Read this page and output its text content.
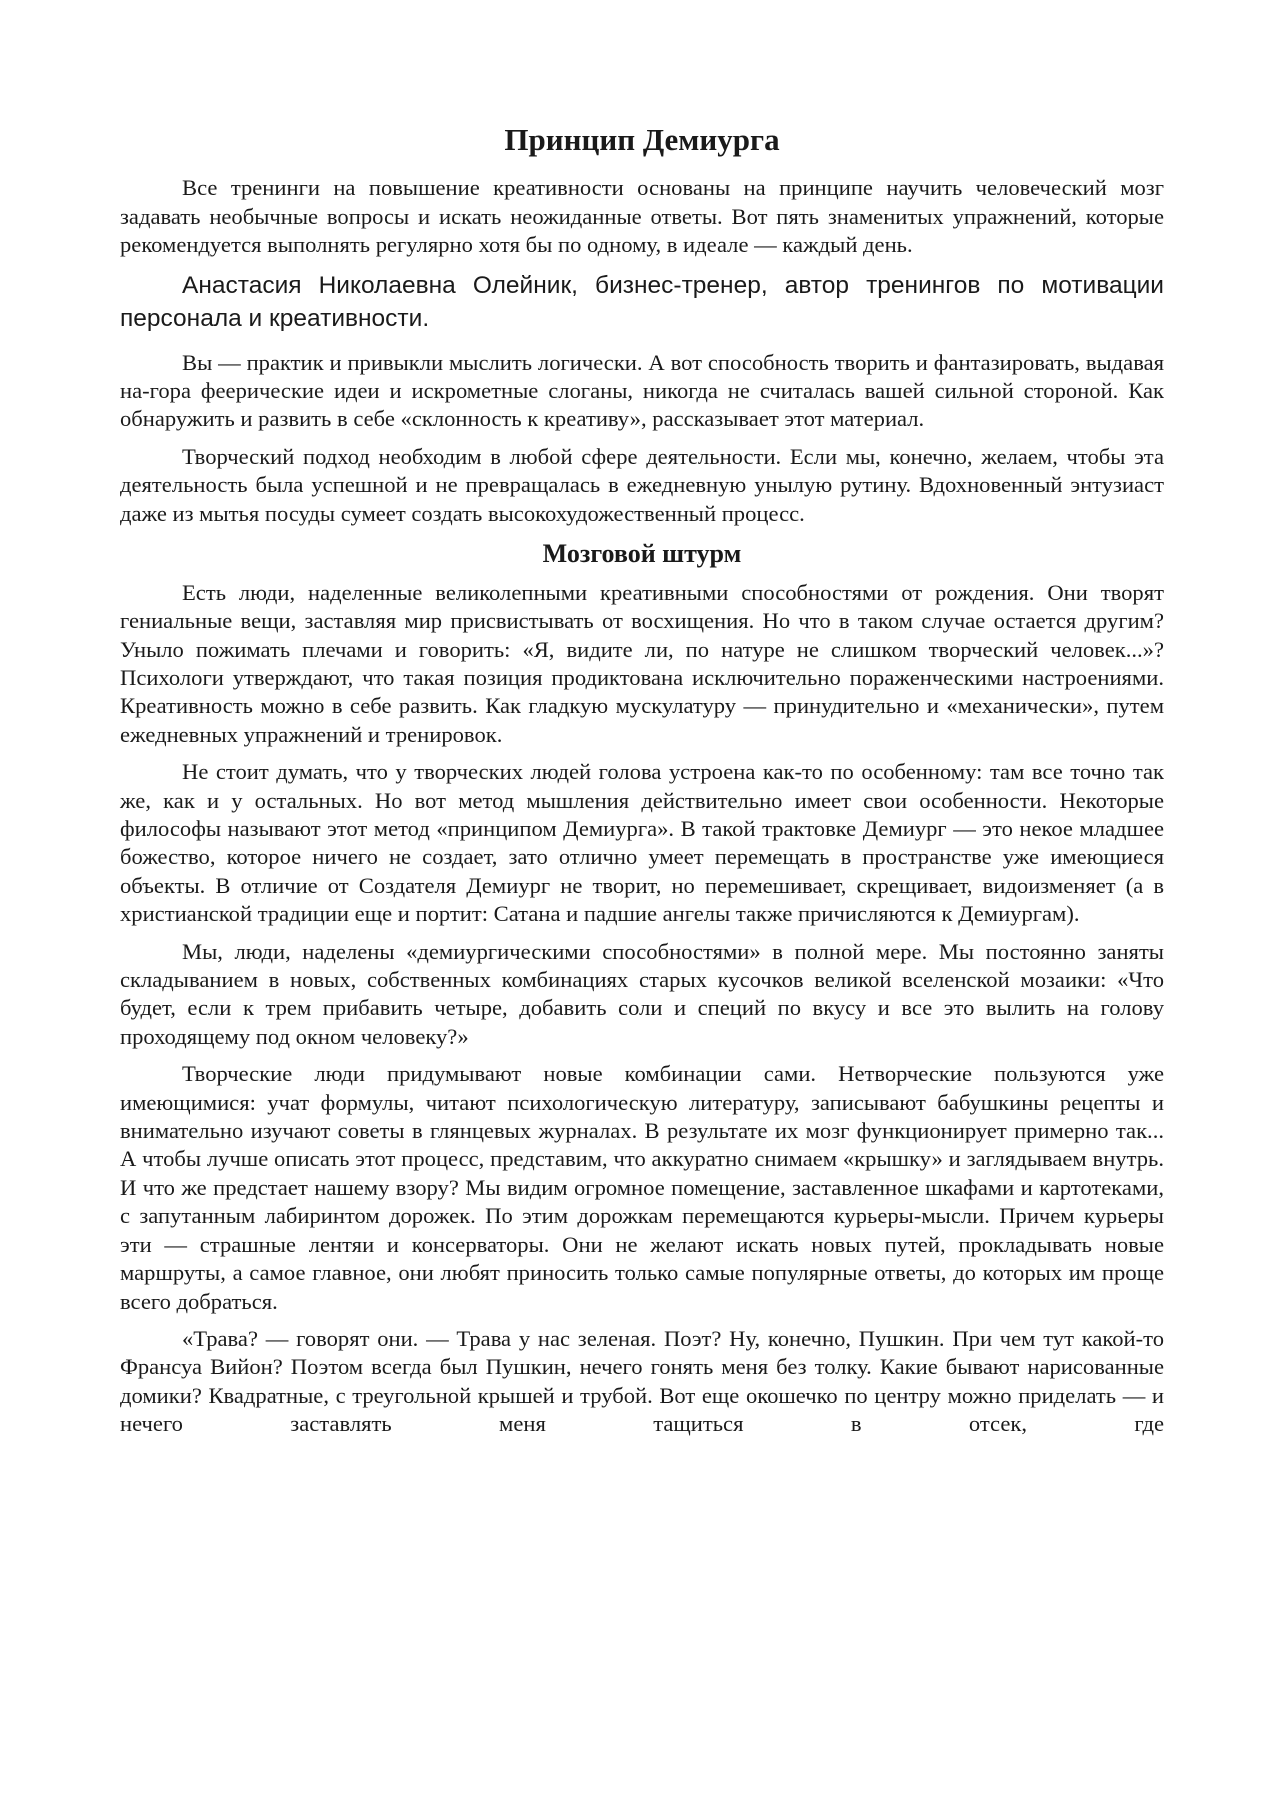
Принцип Демиурга

Все тренинги на повышение креативности основаны на принципе научить человеческий мозг задавать необычные вопросы и искать неожиданные ответы. Вот пять знаменитых упражнений, которые рекомендуется выполнять регулярно хотя бы по одному, в идеале — каждый день.

Анастасия Николаевна Олейник, бизнес-тренер, автор тренингов по мотивации персонала и креативности.

Вы — практик и привыкли мыслить логически. А вот способность творить и фантазировать, выдавая на-гора феерические идеи и искрометные слоганы, никогда не считалась вашей сильной стороной. Как обнаружить и развить в себе «склонность к креативу», рассказывает этот материал.

Творческий подход необходим в любой сфере деятельности. Если мы, конечно, желаем, чтобы эта деятельность была успешной и не превращалась в ежедневную унылую рутину. Вдохновенный энтузиаст даже из мытья посуды сумеет создать высокохудожественный процесс.

Мозговой штурм

Есть люди, наделенные великолепными креативными способностями от рождения. Они творят гениальные вещи, заставляя мир присвистывать от восхищения. Но что в таком случае остается другим? Уныло пожимать плечами и говорить: «Я, видите ли, по натуре не слишком творческий человек...»? Психологи утверждают, что такая позиция продиктована исключительно пораженческими настроениями. Креативность можно в себе развить. Как гладкую мускулатуру — принудительно и «механически», путем ежедневных упражнений и тренировок.

Не стоит думать, что у творческих людей голова устроена как-то по особенному: там все точно так же, как и у остальных. Но вот метод мышления действительно имеет свои особенности. Некоторые философы называют этот метод «принципом Демиурга». В такой трактовке Демиург — это некое младшее божество, которое ничего не создает, зато отлично умеет перемещать в пространстве уже имеющиеся объекты. В отличие от Создателя Демиург не творит, но перемешивает, скрещивает, видоизменяет (а в христианской традиции еще и портит: Сатана и падшие ангелы также причисляются к Демиургам).

Мы, люди, наделены «демиургическими способностями» в полной мере. Мы постоянно заняты складыванием в новых, собственных комбинациях старых кусочков великой вселенской мозаики: «Что будет, если к трем прибавить четыре, добавить соли и специй по вкусу и все это вылить на голову проходящему под окном человеку?»

Творческие люди придумывают новые комбинации сами. Нетворческие пользуются уже имеющимися: учат формулы, читают психологическую литературу, записывают бабушкины рецепты и внимательно изучают советы в глянцевых журналах. В результате их мозг функционирует примерно так... А чтобы лучше описать этот процесс, представим, что аккуратно снимаем «крышку» и заглядываем внутрь. И что же предстает нашему взору? Мы видим огромное помещение, заставленное шкафами и картотеками, с запутанным лабиринтом дорожек. По этим дорожкам перемещаются курьеры-мысли. Причем курьеры эти — страшные лентяи и консерваторы. Они не желают искать новых путей, прокладывать новые маршруты, а самое главное, они любят приносить только самые популярные ответы, до которых им проще всего добраться.

«Трава? — говорят они. — Трава у нас зеленая. Поэт? Ну, конечно, Пушкин. При чем тут какой-то Франсуа Вийон? Поэтом всегда был Пушкин, нечего гонять меня без толку. Какие бывают нарисованные домики? Квадратные, с треугольной крышей и трубой. Вот еще окошечко по центру можно приделать — и нечего заставлять меня тащиться в отсек, где
